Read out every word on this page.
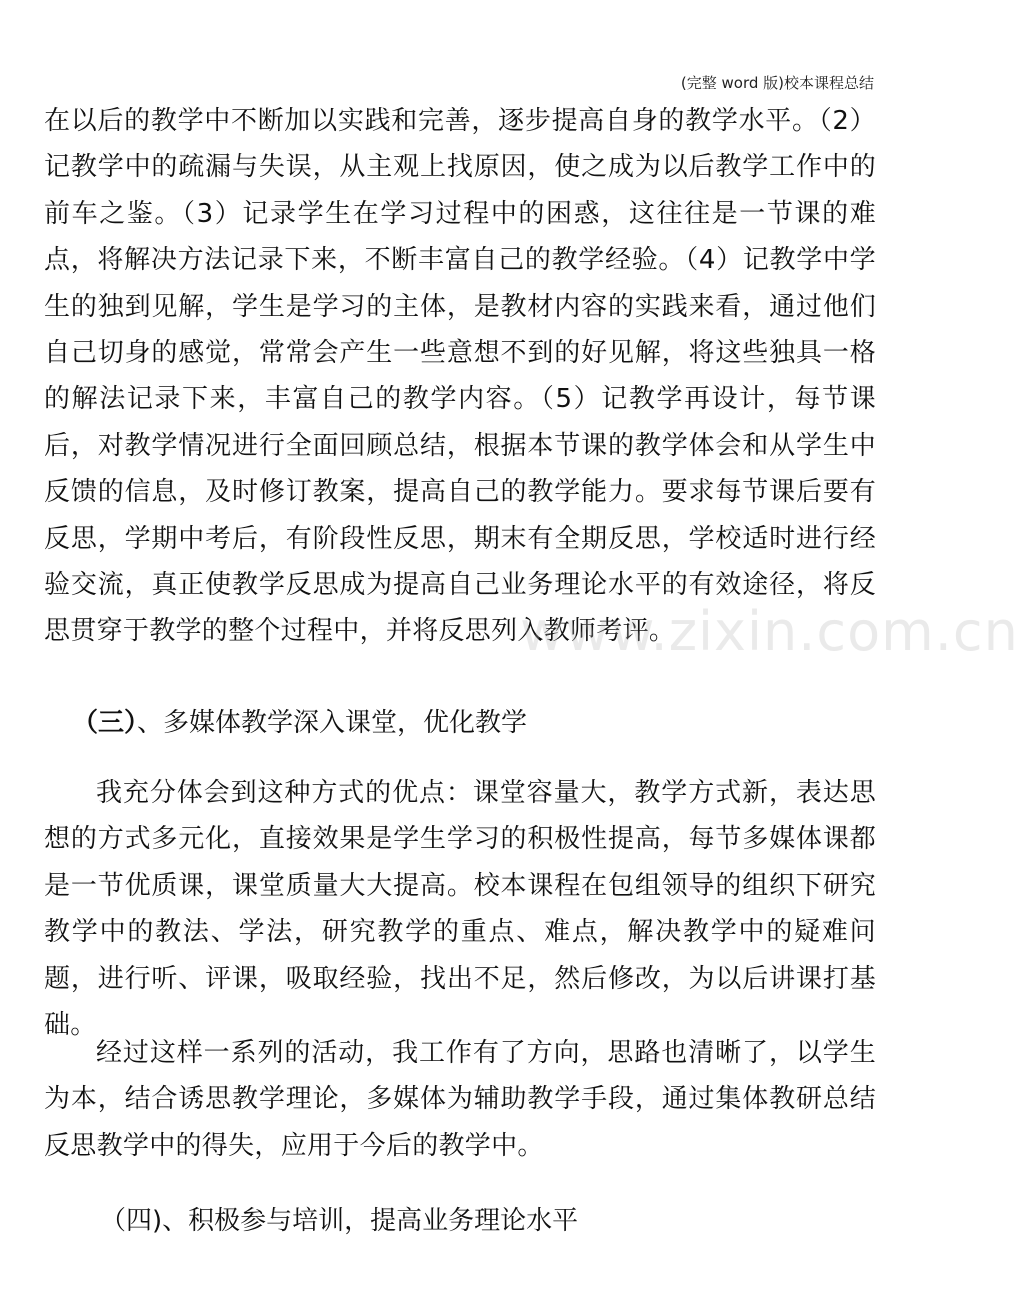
(完整 word 版)校本课程总结
在以后的教学中不断加以实践和完善，逐步提高自身的教学水平。（2）记教学中的疏漏与失误，从主观上找原因，使之成为以后教学工作中的前车之鉴。（3）记录学生在学习过程中的困惑，这往往是一节课的难点，将解决方法记录下来，不断丰富自己的教学经验。（4）记教学中学生的独到见解，学生是学习的主体，是教材内容的实践来看，通过他们自己切身的感觉，常常会产生一些意想不到的好见解，将这些独具一格的解法记录下来，丰富自己的教学内容。（5）记教学再设计，每节课后，对教学情况进行全面回顾总结，根据本节课的教学体会和从学生中反馈的信息，及时修订教案，提高自己的教学能力。要求每节课后要有反思，学期中考后，有阶段性反思，期末有全期反思，学校适时进行经验交流，真正使教学反思成为提高自己业务理论水平的有效途径，将反思贯穿于教学的整个过程中，并将反思列入教师考评。
（三）、多媒体教学深入课堂，优化教学
我充分体会到这种方式的优点：课堂容量大，教学方式新，表达思想的方式多元化，直接效果是学生学习的积极性提高，每节多媒体课都是一节优质课，课堂质量大大提高。校本课程在包组领导的组织下研究教学中的教法、学法，研究教学的重点、难点，解决教学中的疑难问题，进行听、评课，吸取经验，找出不足，然后修改，为以后讲课打基础。
经过这样一系列的活动，我工作有了方向，思路也清晰了，以学生为本，结合诱思教学理论，多媒体为辅助教学手段，通过集体教研总结反思教学中的得失，应用于今后的教学中。
（四)、积极参与培训，提高业务理论水平
www.zixin.com.cn
